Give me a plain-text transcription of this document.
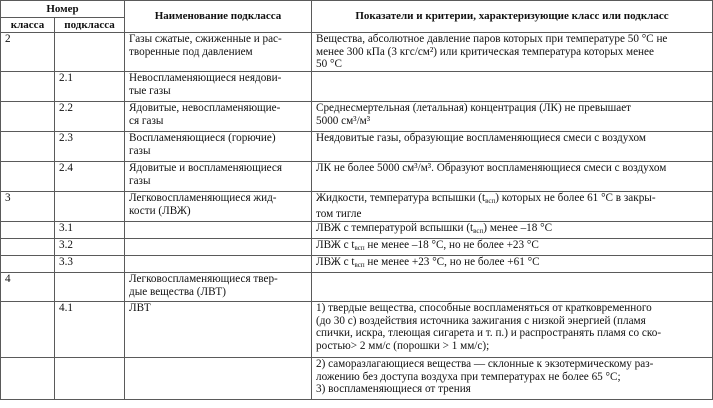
Номер		Наименование подкласса	Показатели и критерии, характеризующие класс или подкласс
класса	подкласса		
2		Газы сжатые, сжиженные и рас-
творенные под давлением	Вещества, абсолютное давление паров которых при температуре 50 °С не
менее 300 кПа (3 кгс/см²) или критическая температура которых менее
50 °С

	2.1	Невоспламеняющиеся неядови-
тые газы	

	2.2	Ядовитые, невоспламеняющие-
ся газы	Среднесмертельная (летальная) концентрация (ЛК) не превышает
5000 см³/м³

	2.3	Воспламеняющиеся (горючие)
газы	Неядовитые газы, образующие воспламеняющиеся смеси с воздухом

	2.4	Ядовитые и воспламеняющиеся
газы	ЛК не более 5000 см³/м³. Образуют воспламеняющиеся смеси с воздухом

3		Легковоспламеняющиеся жид-
кости (ЛВЖ)	Жидкости, температура вспышки (tвсп) которых не более 61 °С в закры-
том тигле

	3.1		ЛВЖ с температурой вспышки (tвсп) менее –18 °С

	3.2		ЛВЖ с tвсп не менее –18 °С, но не более +23 °С

	3.3		ЛВЖ с tвсп не менее +23 °С, но не более +61 °С

4		Легковоспламеняющиеся твер-
дые вещества (ЛВТ)	

	4.1	ЛВТ	1) твердые вещества, способные воспламеняться от кратковременного
(до 30 с) воздействия источника зажигания с низкой энергией (пламя
спички, искра, тлеющая сигарета и т. п.) и распространять пламя со ско-
ростью> 2 мм/с (порошки > 1 мм/с);

			2) саморазлагающиеся вещества — склонные к экзотермическому раз-
ложению без доступа воздуха при температурах не более 65 °С;
3) воспламеняющиеся от трения
